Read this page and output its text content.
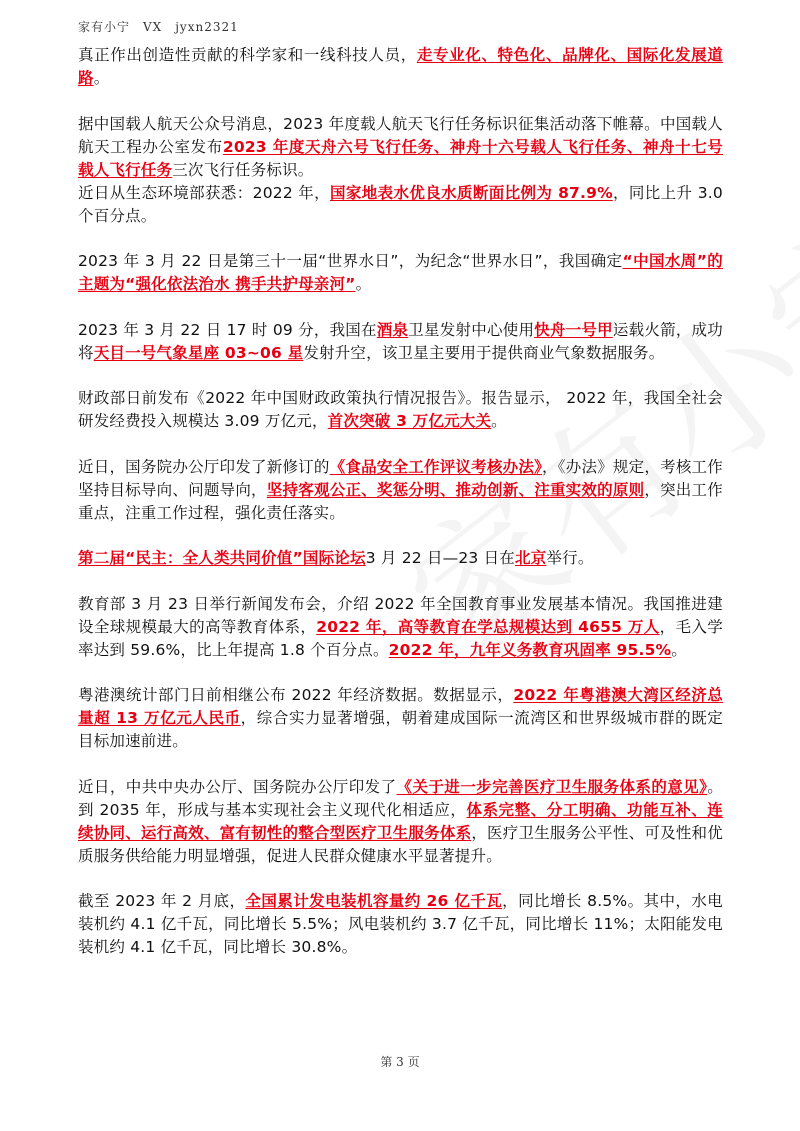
家有小宁　VX　jyxn2321

真正作出创造性贡献的科学家和一线科技人员，走专业化、特色化、品牌化、国际化发展道路。

据中国载人航天公众号消息，2023 年度载人航天飞行任务标识征集活动落下帷幕。中国载人航天工程办公室发布2023 年度天舟六号飞行任务、神舟十六号载人飞行任务、神舟十七号载人飞行任务三次飞行任务标识。
近日从生态环境部获悉：2022 年，国家地表水优良水质断面比例为 87.9%，同比上升 3.0 个百分点。

2023 年 3 月 22 日是第三十一届“世界水日”，为纪念“世界水日”，我国确定“中国水周”的主题为“强化依法治水 携手共护母亲河”。

2023 年 3 月 22 日 17 时 09 分，我国在酒泉卫星发射中心使用快舟一号甲运载火箭，成功将天目一号气象星座 03~06 星发射升空，该卫星主要用于提供商业气象数据服务。

财政部日前发布《2022 年中国财政政策执行情况报告》。报告显示， 2022 年，我国全社会研发经费投入规模达 3.09 万亿元，首次突破 3 万亿元大关。

近日，国务院办公厅印发了新修订的《食品安全工作评议考核办法》，《办法》规定，考核工作坚持目标导向、问题导向，坚持客观公正、奖惩分明、推动创新、注重实效的原则，突出工作重点，注重工作过程，强化责任落实。

第二届“民主：全人类共同价值”国际论坛3 月 22 日—23 日在北京举行。

教育部 3 月 23 日举行新闻发布会，介绍 2022 年全国教育事业发展基本情况。我国推进建设全球规模最大的高等教育体系，2022 年，高等教育在学总规模达到 4655 万人，毛入学率达到 59.6%，比上年提高 1.8 个百分点。2022 年，九年义务教育巩固率 95.5%。

粤港澳统计部门日前相继公布 2022 年经济数据。数据显示，2022 年粤港澳大湾区经济总量超 13 万亿元人民币，综合实力显著增强，朝着建成国际一流湾区和世界级城市群的既定目标加速前进。

近日，中共中央办公厅、国务院办公厅印发了《关于进一步完善医疗卫生服务体系的意见》。到 2035 年，形成与基本实现社会主义现代化相适应，体系完整、分工明确、功能互补、连续协同、运行高效、富有韧性的整合型医疗卫生服务体系，医疗卫生服务公平性、可及性和优质服务供给能力明显增强，促进人民群众健康水平显著提升。

截至 2023 年 2 月底，全国累计发电装机容量约 26 亿千瓦，同比增长 8.5%。其中，水电装机约 4.1 亿千瓦，同比增长 5.5%；风电装机约 3.7 亿千瓦，同比增长 11%；太阳能发电装机约 4.1 亿千瓦，同比增长 30.8%。

第 3 页
